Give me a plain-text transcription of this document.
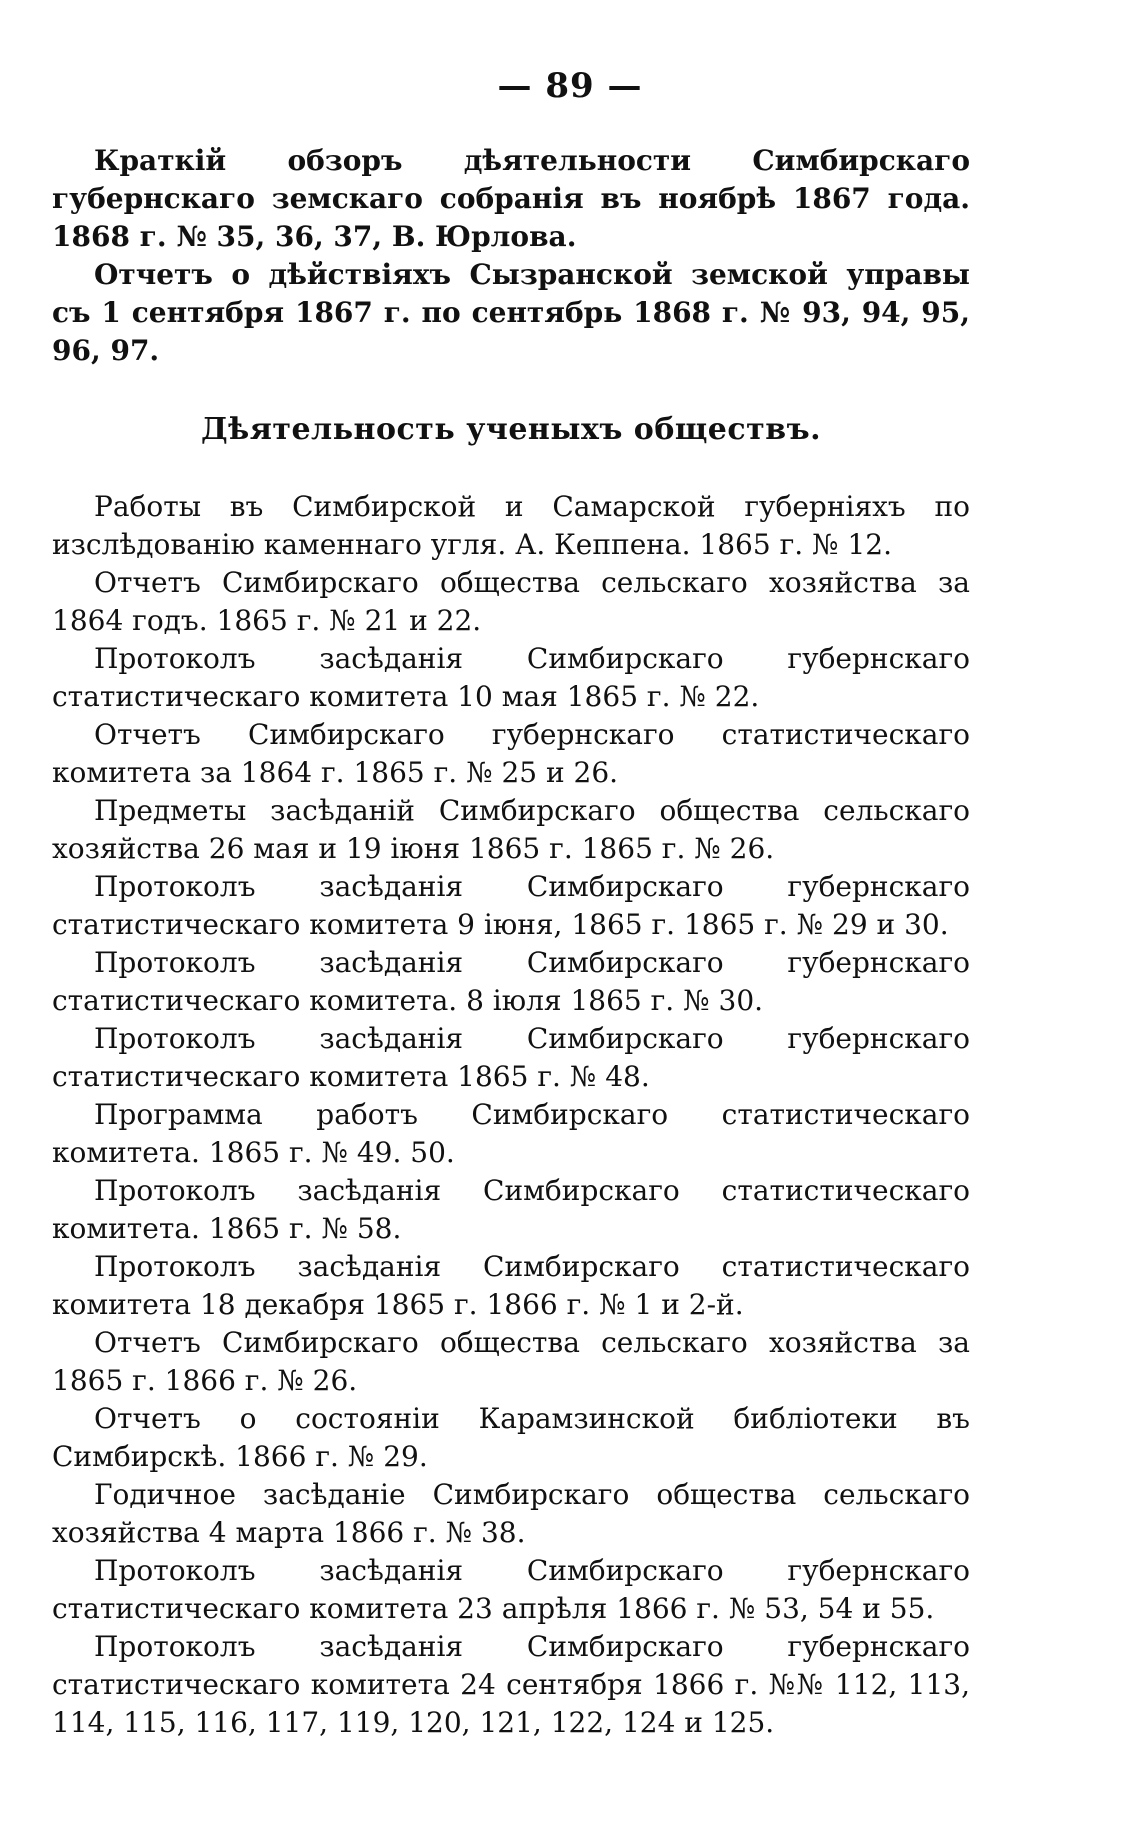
— 89 —

Краткій обзоръ дѣятельности Симбирскаго губернскаго земскаго собранія въ ноябрѣ 1867 года. 1868 г. № 35, 36, 37, В. Юрлова.

Отчетъ о дѣйствіяхъ Сызранской земской управы съ 1 сентября 1867 г. по сентябрь 1868 г. № 93, 94, 95, 96, 97.

Дѣятельность ученыхъ обществъ.

Работы въ Симбирской и Самарской губерніяхъ по изслѣдованію каменнаго угля. А. Кеппена. 1865 г. № 12.

Отчетъ Симбирскаго общества сельскаго хозяйства за 1864 годъ. 1865 г. № 21 и 22.

Протоколъ засѣданія Симбирскаго губернскаго статистическаго комитета 10 мая 1865 г. № 22.

Отчетъ Симбирскаго губернскаго статистическаго комитета за 1864 г. 1865 г. № 25 и 26.

Предметы засѣданій Симбирскаго общества сельскаго хозяйства 26 мая и 19 іюня 1865 г. 1865 г. № 26.

Протоколъ засѣданія Симбирскаго губернскаго статистическаго комитета 9 іюня, 1865 г. 1865 г. № 29 и 30.

Протоколъ засѣданія Симбирскаго губернскаго статистическаго комитета. 8 іюля 1865 г. № 30.

Протоколъ засѣданія Симбирскаго губернскаго статистическаго комитета 1865 г. № 48.

Программа работъ Симбирскаго статистическаго комитета. 1865 г. № 49. 50.

Протоколъ засѣданія Симбирскаго статистическаго комитета. 1865 г. № 58.

Протоколъ засѣданія Симбирскаго статистическаго комитета 18 декабря 1865 г. 1866 г. № 1 и 2-й.

Отчетъ Симбирскаго общества сельскаго хозяйства за 1865 г. 1866 г. № 26.

Отчетъ о состояніи Карамзинской библіотеки въ Симбирскѣ. 1866 г. № 29.

Годичное засѣданіе Симбирскаго общества сельскаго хозяйства 4 марта 1866 г. № 38.

Протоколъ засѣданія Симбирскаго губернскаго статистическаго комитета 23 апрѣля 1866 г. № 53, 54 и 55.

Протоколъ засѣданія Симбирскаго губернскаго статистическаго комитета 24 сентября 1866 г. №№ 112, 113, 114, 115, 116, 117, 119, 120, 121, 122, 124 и 125.
